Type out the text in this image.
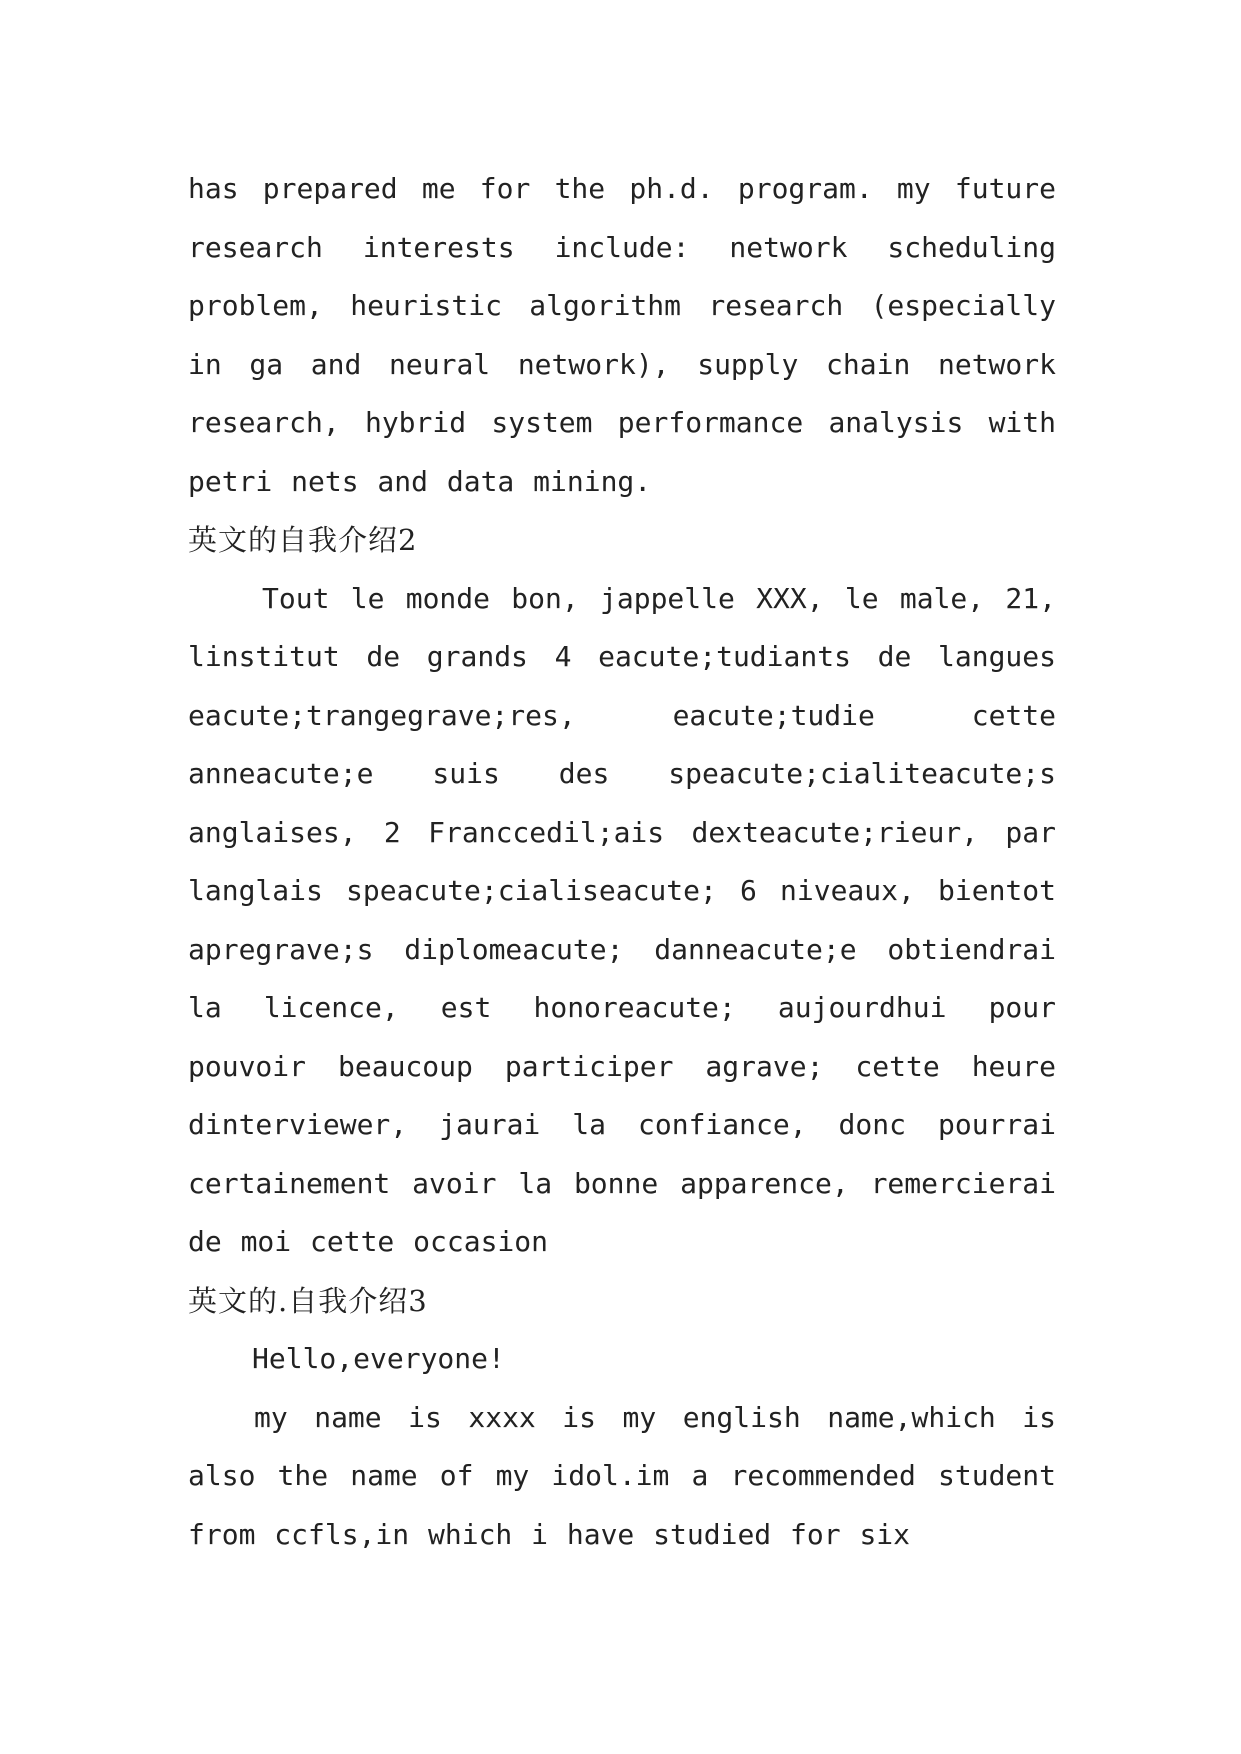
has prepared me for the ph.d. program. my future research interests include: network scheduling problem, heuristic algorithm research (especially in ga and neural network), supply chain network research, hybrid system performance analysis with petri nets and data mining.

英文的自我介绍2

Tout le monde bon, jappelle XXX, le male, 21, linstitut de grands 4 eacute;tudiants de langues eacute;trangegrave;res, eacute;tudie cette anneacute;e suis des speacute;cialiteacute;s anglaises, 2 Franccedil;ais dexteacute;rieur, par langlais speacute;cialiseacute; 6 niveaux, bientot apregrave;s diplomeacute; danneacute;e obtiendrai la licence, est honoreacute; aujourdhui pour pouvoir beaucoup participer agrave; cette heure dinterviewer, jaurai la confiance, donc pourrai certainement avoir la bonne apparence, remercierai de moi cette occasion

英文的.自我介绍3

Hello,everyone!

my name is xxxx is my english name,which is also the name of my idol.im a recommended student from ccfls,in which i have studied for six
